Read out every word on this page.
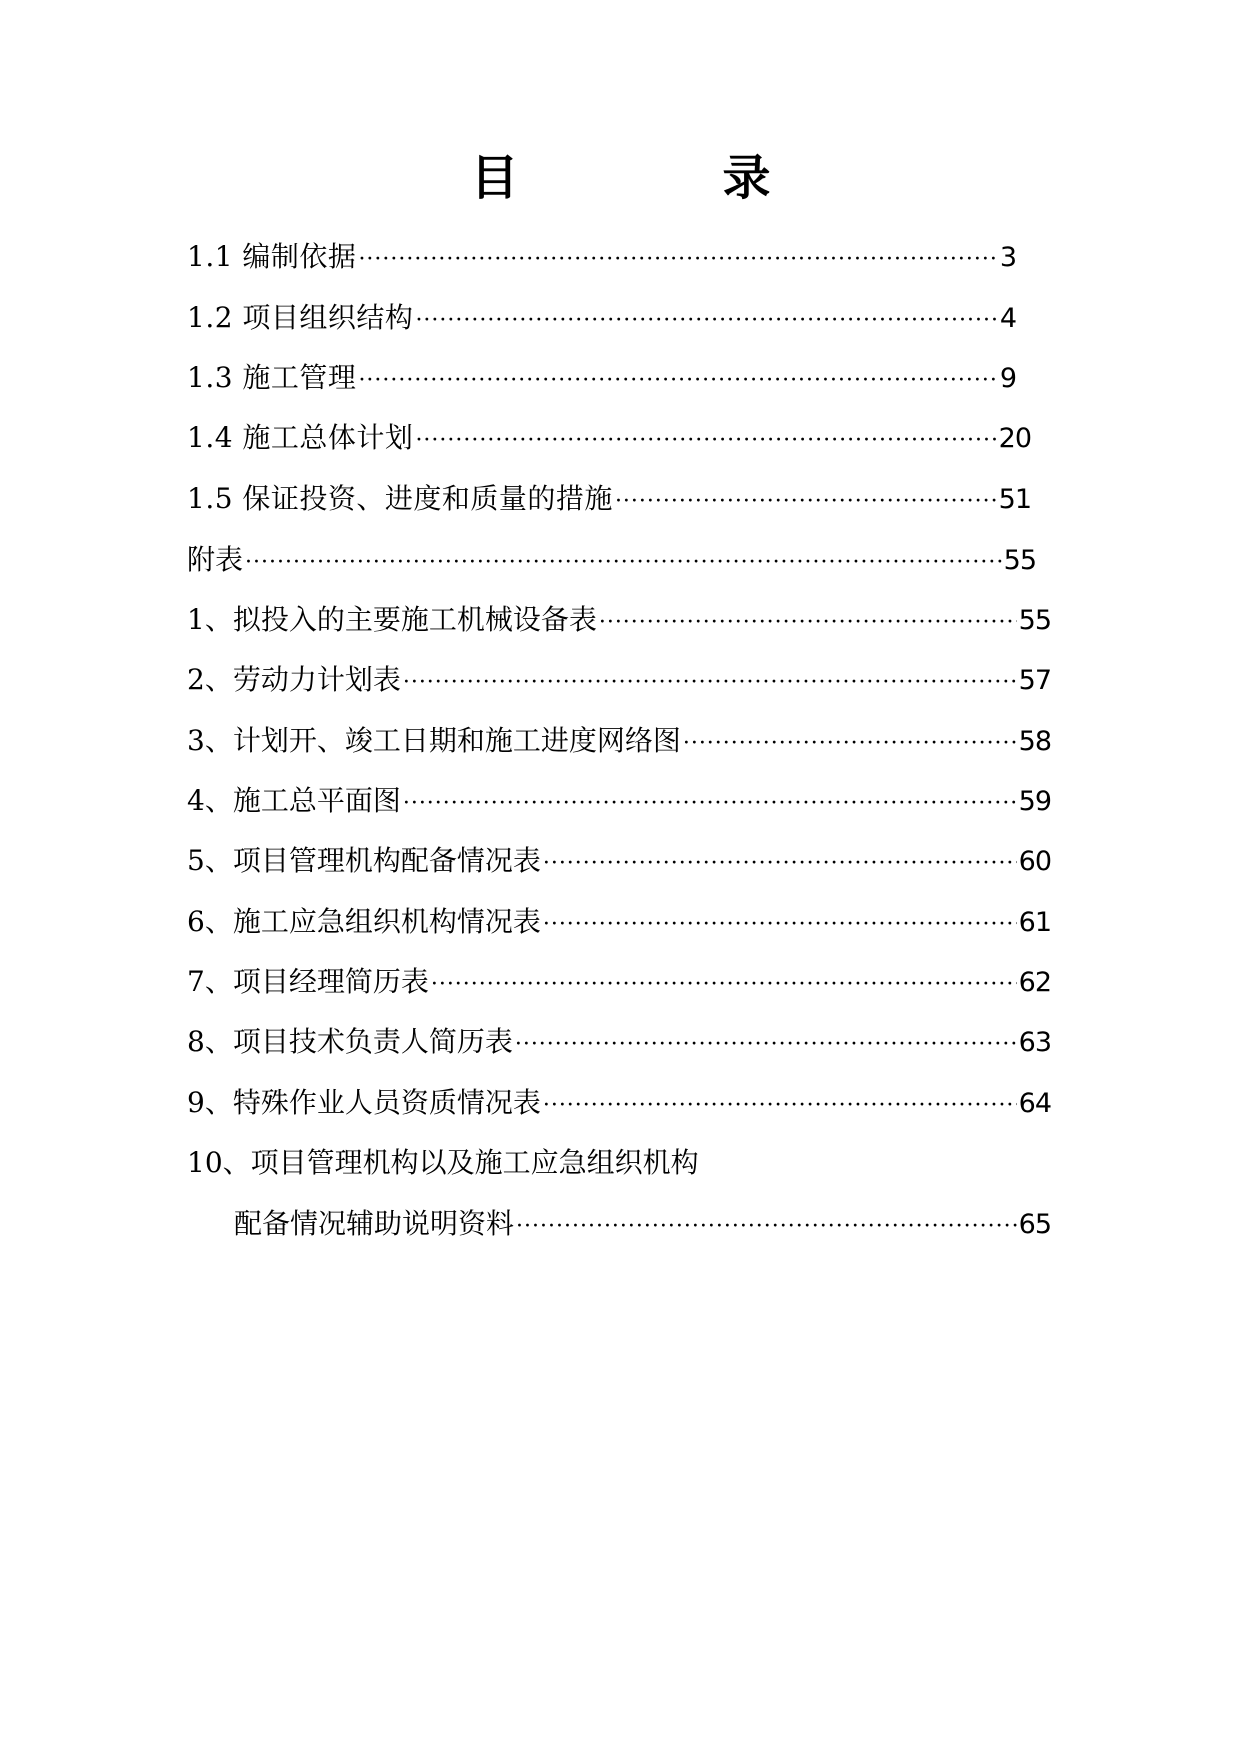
目　录
1.1 编制依据 ·····	3
1.2 项目组织结构 ·····	4
1.3 施工管理 ·····	9
1.4 施工总体计划 ·····	20
1.5 保证投资、进度和质量的措施 ·····	51
附表 ·····	55
1、拟投入的主要施工机械设备表 ·····	55
2、劳动力计划表 ·····	57
3、计划开、竣工日期和施工进度网络图 ·····	58
4、施工总平面图 ·····	59
5、项目管理机构配备情况表 ·····	60
6、施工应急组织机构情况表 ·····	61
7、项目经理简历表 ·····	62
8、项目技术负责人简历表 ·····	63
9、特殊作业人员资质情况表 ·····	64
10、项目管理机构以及施工应急组织机构
配备情况辅助说明资料 ·····	65
